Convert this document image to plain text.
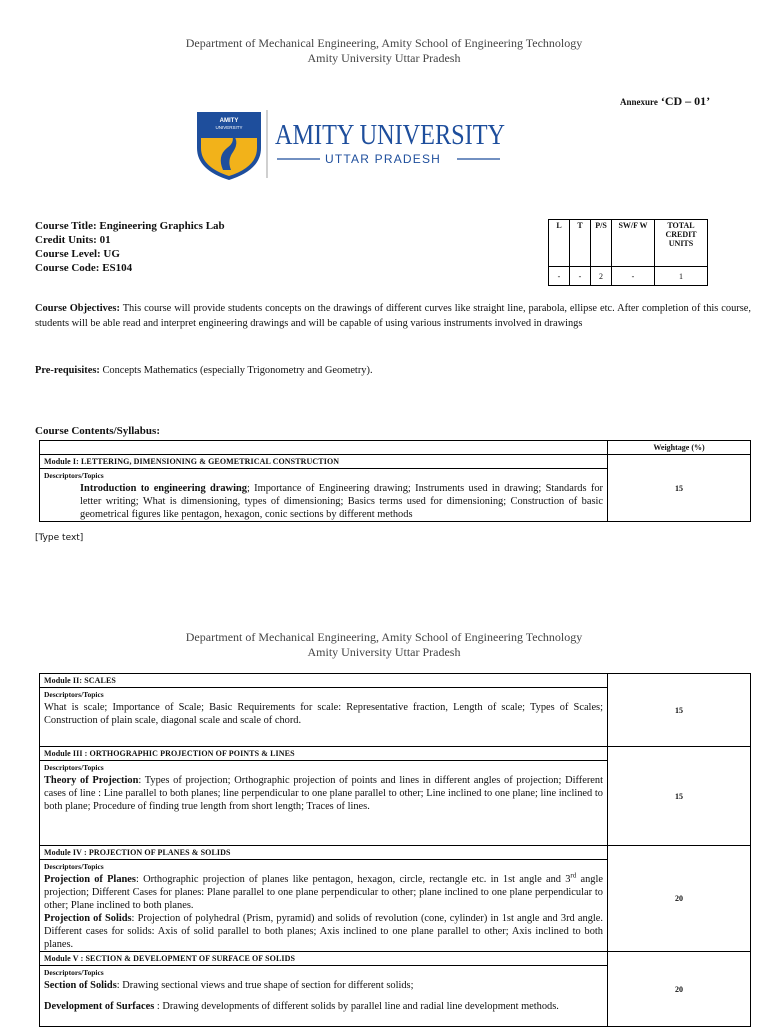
Department of Mechanical Engineering, Amity School of Engineering Technology
Amity University Uttar Pradesh
Annexure ‘CD – 01’
AMITY
UNIVERSITY AMITY UNIVERSITY
UTTAR PRADESH
Course Title: Engineering Graphics Lab
Credit Units: 01
Course Level: UG
Course Code: ES104
L	T	P/S	SW/F W	TOTAL CREDIT UNITS
-	-	2	-	1
Course Objectives: This course will provide students concepts on the drawings of different curves like straight line, parabola, ellipse etc. After completion of this course, students will be able read and interpret engineering drawings and will be capable of using various instruments involved in drawings
Pre-requisites: Concepts Mathematics (especially Trigonometry and Geometry).
Course Contents/Syllabus:
	Weightage (%)
Module I: LETTERING, DIMENSIONING & GEOMETRICAL CONSTRUCTION	15

Descriptors/Topics
Introduction to engineering drawing; Importance of Engineering drawing; Instruments used in drawing; Standards for letter writing; What is dimensioning, types of dimensioning; Basics terms used for dimensioning; Construction of basic geometrical figures like pentagon, hexagon, conic sections by different methods	
[Type text]
Department of Mechanical Engineering, Amity School of Engineering Technology
Amity University Uttar Pradesh
Module II: SCALES	15

Descriptors/Topics
What is scale; Importance of Scale; Basic Requirements for scale: Representative fraction, Length of scale; Types of Scales; Construction of plain scale, diagonal scale and scale of chord.	

Module III : ORTHOGRAPHIC PROJECTION OF POINTS & LINES	15

Descriptors/Topics
Theory of Projection: Types of projection; Orthographic projection of points and lines in different angles of projection; Different cases of line : Line parallel to both planes; line perpendicular to one plane parallel to other; Line inclined to one plane; line inclined to both plane; Procedure of finding true length from short length; Traces of lines.	

Module IV : PROJECTION OF PLANES & SOLIDS	20

Descriptors/Topics
Projection of Planes: Orthographic projection of planes like pentagon, hexagon, circle, rectangle etc. in 1st angle and 3rd angle projection; Different Cases for planes: Plane parallel to one plane perpendicular to other; plane inclined to one plane perpendicular to other; Plane inclined to both planes.
Projection of Solids: Projection of polyhedral (Prism, pyramid) and solids of revolution (cone, cylinder) in 1st angle and 3rd angle. Different cases for solids: Axis of solid parallel to both planes; Axis inclined to one plane parallel to other; Axis inclined to both planes.	

Module V : SECTION & DEVELOPMENT OF SURFACE OF SOLIDS	20

Descriptors/Topics
Section of Solids: Drawing sectional views and true shape of section for different solids;
Development of Surfaces : Drawing developments of different solids by parallel line and radial line development methods.	
